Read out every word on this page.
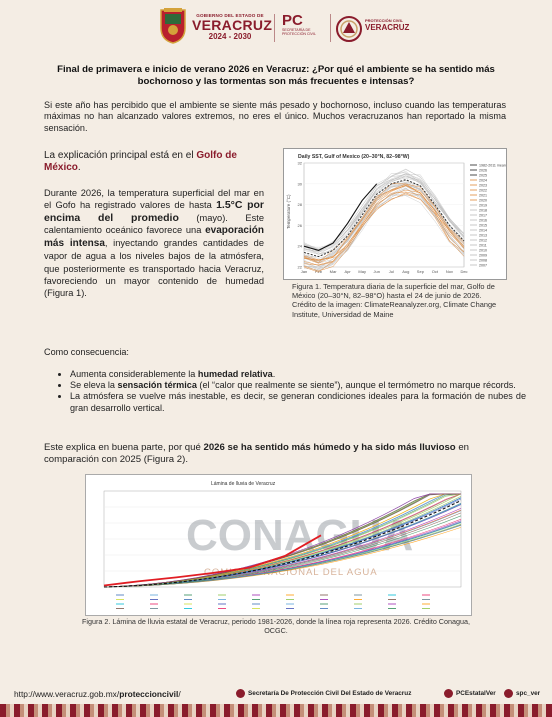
GOBIERNO DEL ESTADO DE
VERACRUZ
2024 - 2030
PC
SECRETARÍA DE PROTECCIÓN CIVIL
PROTECCIÓN CIVIL
VERACRUZ
Final de primavera e inicio de verano 2026 en Veracruz: ¿Por qué el ambiente se ha sentido más bochornoso y las tormentas son más frecuentes e intensas?
Si este año has percibido que el ambiente se siente más pesado y bochornoso, incluso cuando las temperaturas máximas no han alcanzado valores extremos, no eres el único. Muchos veracruzanos han reportado la misma sensación.
La explicación principal está en el Golfo de México.
Durante 2026, la temperatura superficial del mar en el Gofo ha registrado valores de hasta 1.5°C por encima del promedio (mayo). Este calentamiento oceánico favorece una evaporación más intensa, inyectando grandes cantidades de vapor de agua a los niveles bajos de la atmósfera, que posteriormente es transportado hacia Veracruz, favoreciendo un mayor contenido de humedad (Figura 1).
Daily SST, Gulf of Mexico (20–30°N, 82–98°W)
Temperature (°C)
22
24
26
28
30
32
Jan Feb Mar Apr May Jun Jul Aug Sep Oct Nov Dec
1982-2011 mean
2026
2025
2024
2023
2022
2021
2020
2019
2018
2017
2016
2015
2014
2013
2012
2011
2010
2009
2008
2007
Figura 1. Temperatura diaria de la superficie del mar, Golfo de México (20–30°N, 82–98°O) hasta el 24 de junio de 2026. Crédito de la imagen: ClimateReanalyzer.org, Climate Change Institute, Universidad de Maine
Como consecuencia:
• Aumenta considerablemente la humedad relativa.
• Se eleva la sensación térmica (el “calor que realmente se siente”), aunque el termómetro no marque récords.
• La atmósfera se vuelve más inestable, es decir, se generan condiciones ideales para la formación de nubes de gran desarrollo vertical.
Este explica en buena parte, por qué 2026 se ha sentido más húmedo y ha sido más lluvioso en comparación con 2025 (Figura 2).
Lámina de lluvia de Veracruz
CONAGUA
COMISIÓN NACIONAL DEL AGUA
Figura 2. Lámina de lluvia estatal de Veracruz, periodo 1981-2026, donde la línea roja representa 2026. Crédito Conagua, OCGC.
http://www.veracruz.gob.mx/proteccioncivil/	Secretaría De Protección Civil Del Estado de Veracruz	PCEstatalVer	spc_ver
